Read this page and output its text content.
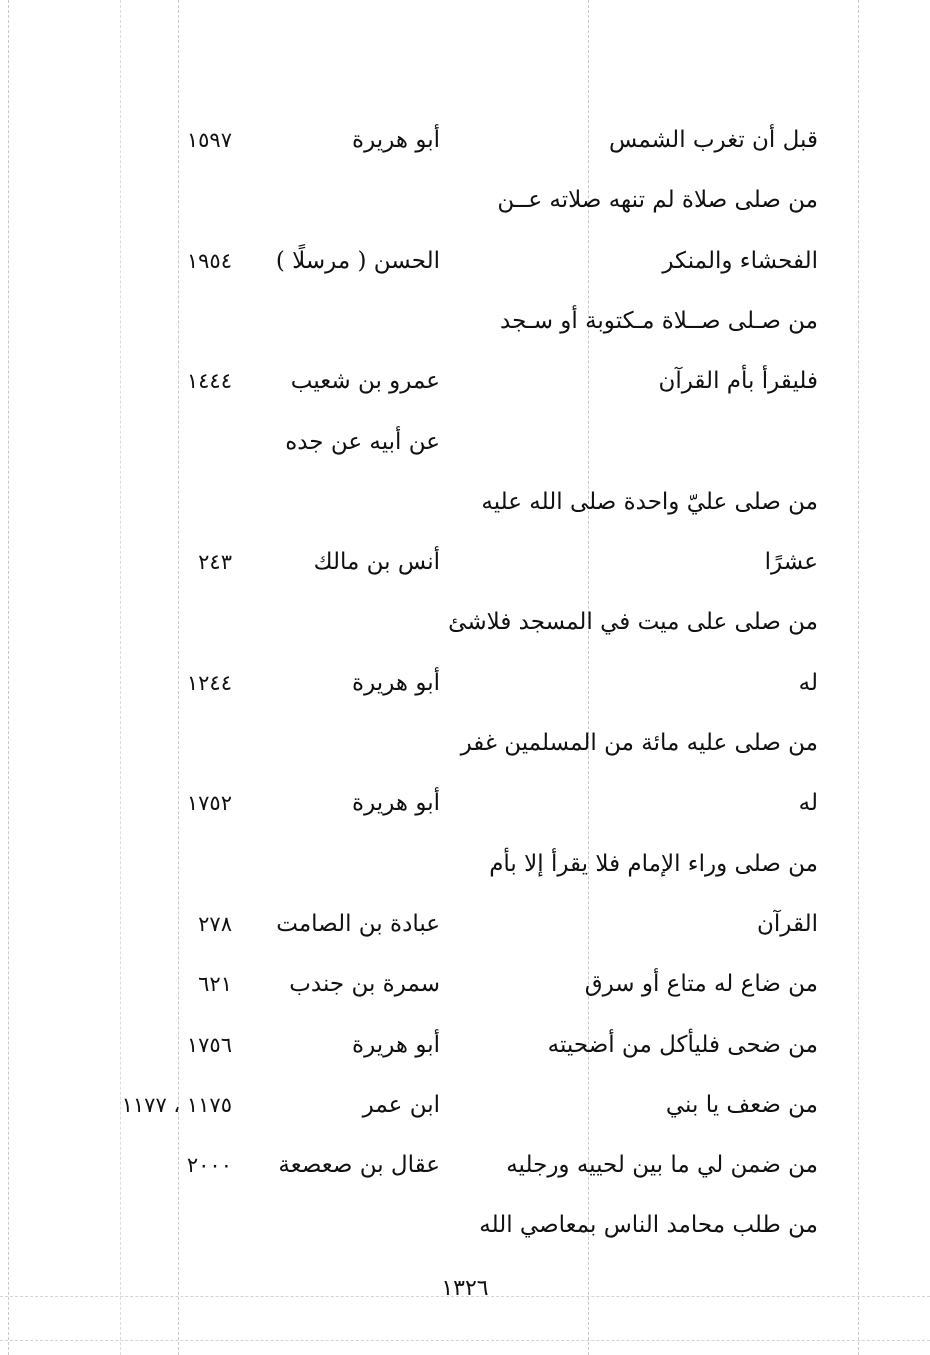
قبل أن تغرب الشمس
أبو هريرة
١٥٩٧
من صلى صلاة لم تنهه صلاته عــن
الفحشاء والمنكر
الحسن ( مرسلًا )
١٩٥٤
من صـلى صــلاة مـكتوبة أو سـجد
فليقرأ بأم القرآن
عمرو بن شعيب
١٤٤٤
عن أبيه عن جده
من صلى عليّ واحدة صلى الله عليه
عشرًا
أنس بن مالك
٢٤٣
من صلى على ميت في المسجد فلاشئ
له
أبو هريرة
١٢٤٤
من صلى عليه مائة من المسلمين غفر
له
أبو هريرة
١٧٥٢
من صلى وراء الإمام فلا يقرأ إلا بأم
القرآن
عبادة بن الصامت
٢٧٨
من ضاع له متاع أو سرق
سمرة بن جندب
٦٢١
من ضحى فليأكل من أضحيته
أبو هريرة
١٧٥٦
من ضعف يا بني
ابن عمر
١١٧٥ ، ١١٧٧
من ضمن لي ما بين لحييه ورجليه
عقال بن صعصعة
٢٠٠٠
من طلب محامد الناس بمعاصي الله
١٣٢٦
